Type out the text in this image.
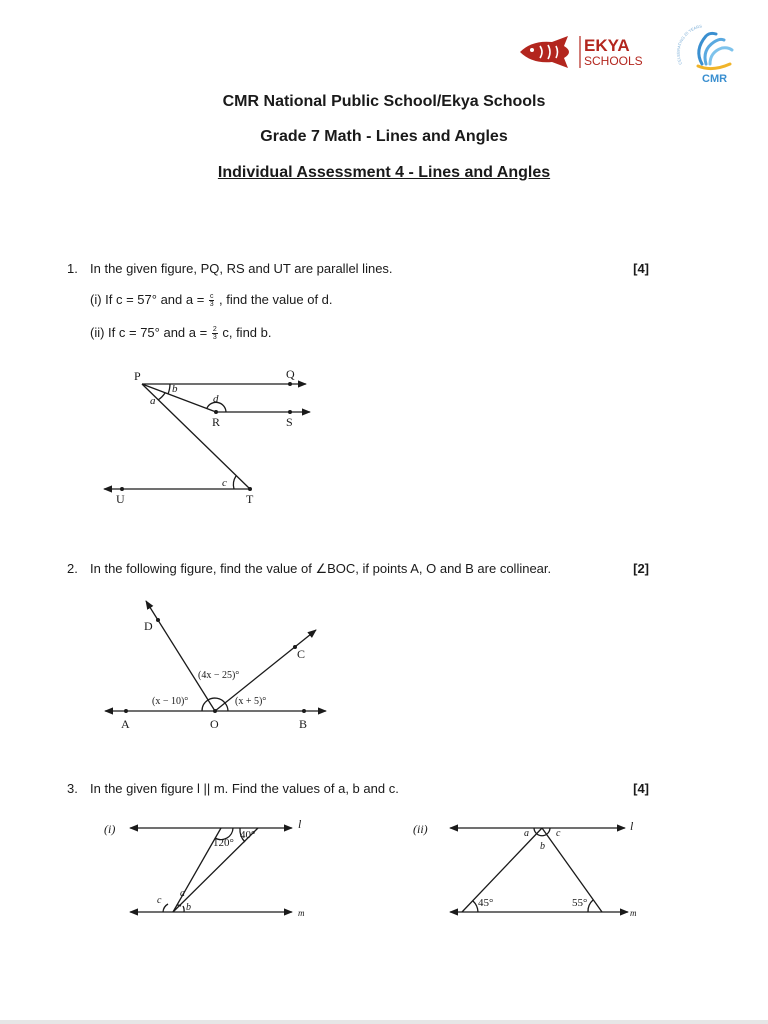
EKYA
SCHOOLS	CELEBRATING 25 YEARS
CMR
CMR National Public School/Ekya Schools
Grade 7 Math - Lines and Angles
Individual Assessment 4 - Lines and Angles
1. In the given figure, PQ, RS and UT are parallel lines.	[4]
(i) If c = 57° and $a = \frac{c}{3}$ , find the value of d.
(ii) If c = 75° and $a = \frac{2}{3} c$, find b.
P	Q
R	S
U	T
b
a	d
c
2. In the following figure, find the value of ∠BOC, if points A, O and B are collinear.	[2]
A	O	B
D
C
(x − 10)°
(4x − 25)°
(x + 5)°
3. In the given figure l || m. Find the values of a, b and c.	[4]
(i)	l
m
120°
40°
c
a
b
(ii)	l
m
a
b
c
45°	55°
